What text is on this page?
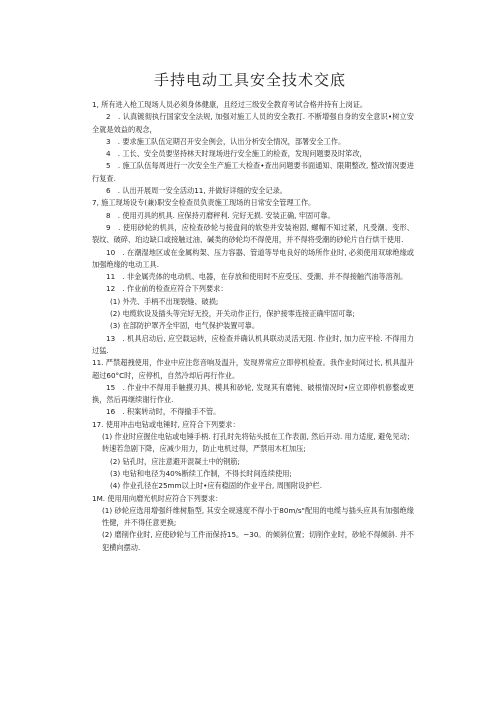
手持电动工具安全技术交底

1, 所有进入枪工现场人员必须身体健康，且经过三级安全教育考试合格并持有上岗证。

2　. 认真镀彻执行国家安全法规, 加强对施工人员的安全教打. 不断增强自身的安全意识•树立安全就是效益的观念，

3　. 要求施工队伍定期召开安全例会，认出分析安全情况，部署安全工作。

4　. 工长、安全员要坚持林天时现场进行安全施工的检查，发现问题要及时笫改，

5　. 施工队伍每周进行一次安全生产施工大检查•查出问题要书面通知、限期整改, 整改情况要进行复查.

6　. 认出开展周一安全活动11, 并做好详细的安全记录。

7, 施工现场设专(兼)职安全检查员负责施工现场的日常安全管理工作。

8　. 使用刃具的机具. 应保持刃磨秤利. 完好无损. 安装正确, 牢固可靠。

9　. 使用砂轮的机具，应检查砂轮与接盘间的软垫并安装袍固, 螺帽不知过紧，凡受潮、变形、裂纹、破碎、珀边缺口或接触过油、碱类的砂轮均不得使用，并不得将受潮的砂轮片自行烘干使用.

10　. 在潮湿地区或在金属构架、压力容器、管道等导电良好的场所作业时, 必须使用双球绝缘或加强绝缘的电动工具.

11　. 非金属壳体的电动机、电器，在存放和使用时不应受压、受潮、并不得接触汽油等溶剂。

12　. 作业前的检查应符合下列要求：

(1) 外壳、手柄不出现裂缝、破损;

(2) 电缆软设及插头等完好无投，开关动作正行，保护接零连接正确牢固可靠;

(3) 在部防护罩齐全牢固，电气保护装置可靠。

13　. 机具启动后, 应空载运转，应检查并确认机具联动灵活无阻. 作业时, 加力应平检. 不得用力过猛.

11. 严禁超拽使用，作业中应注您音响及温升，发现界常应立即停机检查。我作业时间过长, 机具温升超过60°C时，应停机，自然冷却后再行作业。

15　. 作业中不得用手触摸刃具、模具和砂轮, 发现其有磨钝、破根情况时•应立即停机修整或更换，然后再继续谢行作业.

16　. 积案转动时，不得撤手不管。

17. 使用冲击电钻或电锤时, 应符合下列要求：

(1) 作业时应握住电钻或电锤手柄. 打孔时先将钻头抵在工作表面, 然后开动. 用力适度, 避免见动；转速若急剧下降，应减少用力，防止电机过得，严禁用木杠加压;

(2) 钻孔时，应注意避开混凝土中的钢筋;

(3) 电钻和电径为40%断续工作制，不得长时间连续使用;

(4) 作业孔径在25mm以上时•应有稳固的作业平台, 周围附设护栏.

1M. 使用用向磨光机时应符合下列要求：

(1) 砂轮应选用增强纤维树脂型, 其安全规速度不得小于80m/s"配用的电缆与插头应具有加强绝缘性健，并不得任意更换;

(2) 磨削作业时, 应使砂轮与工件而保持15。~30。的倾斜位置；切削作业时，砂轮不得倾斜. 并不犯横向摆动.
